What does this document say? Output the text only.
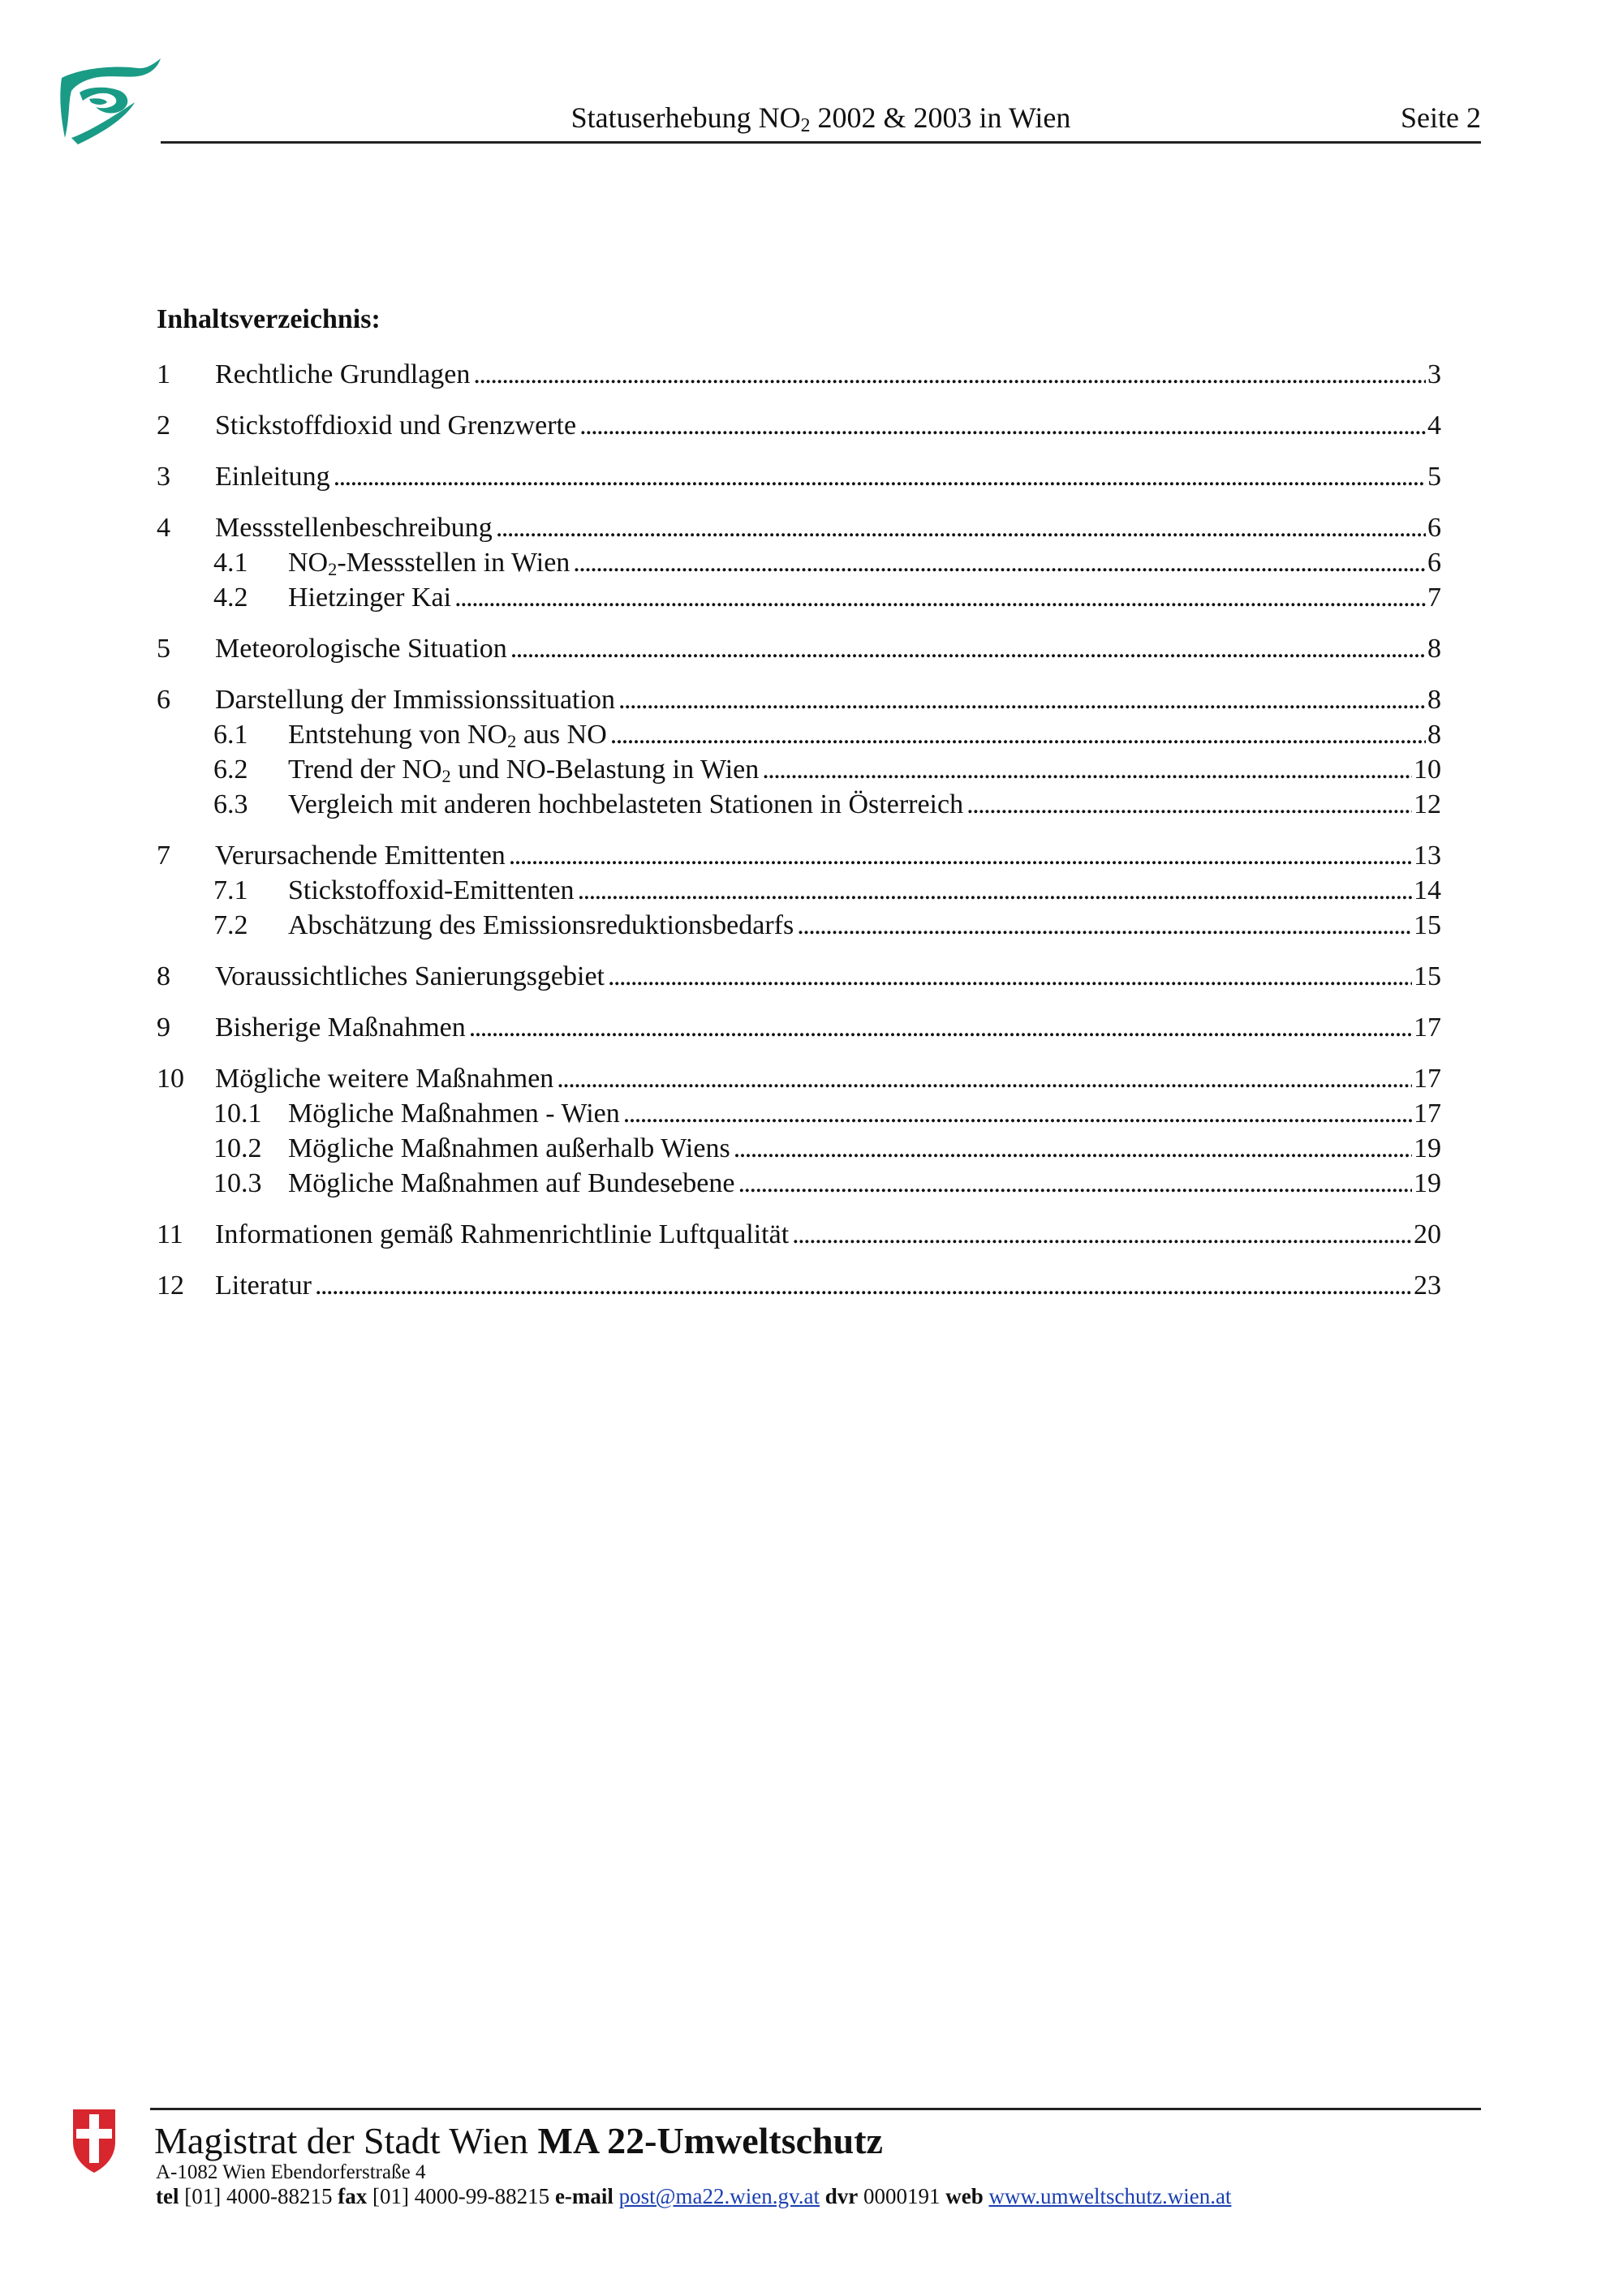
Statuserhebung $NO_2$ 2002 & 2003 in Wien	Seite 2
Inhaltsverzeichnis:
1 Rechtliche Grundlagen . . .	3
2 Stickstoffdioxid und Grenzwerte . . .	4
3 Einleitung . . .	5
4 Messstellenbeschreibung . . .	6
4.1 $NO_2$-Messstellen in Wien . . .	6
4.2 Hietzinger Kai . . .	7
5 Meteorologische Situation . . .	8
6 Darstellung der Immissionssituation . . .	8
6.1 Entstehung von $NO_2$ aus NO . . .	8
6.2 Trend der $NO_2$ und NO-Belastung in Wien . . .	10
6.3 Vergleich mit anderen hochbelasteten Stationen in Österreich . . .	12
7 Verursachende Emittenten . . .	13
7.1 Stickstoffoxid-Emittenten . . .	14
7.2 Abschätzung des Emissionsreduktionsbedarfs . . .	15
8 Voraussichtliches Sanierungsgebiet . . .	15
9 Bisherige Maßnahmen . . .	17
10 Mögliche weitere Maßnahmen . . .	17
10.1 Mögliche Maßnahmen - Wien . . .	17
10.2 Mögliche Maßnahmen außerhalb Wiens . . .	19
10.3 Mögliche Maßnahmen auf Bundesebene . . .	19
11 Informationen gemäß Rahmenrichtlinie Luftqualität . . .	20
12 Literatur . . .	23
Magistrat der Stadt Wien MA 22-Umweltschutz
A-1082 Wien Ebendorferstraße 4
tel [01] 4000-88215 fax [01] 4000-99-88215 e-mail post@ma22.wien.gv.at dvr 0000191 web www.umweltschutz.wien.at
